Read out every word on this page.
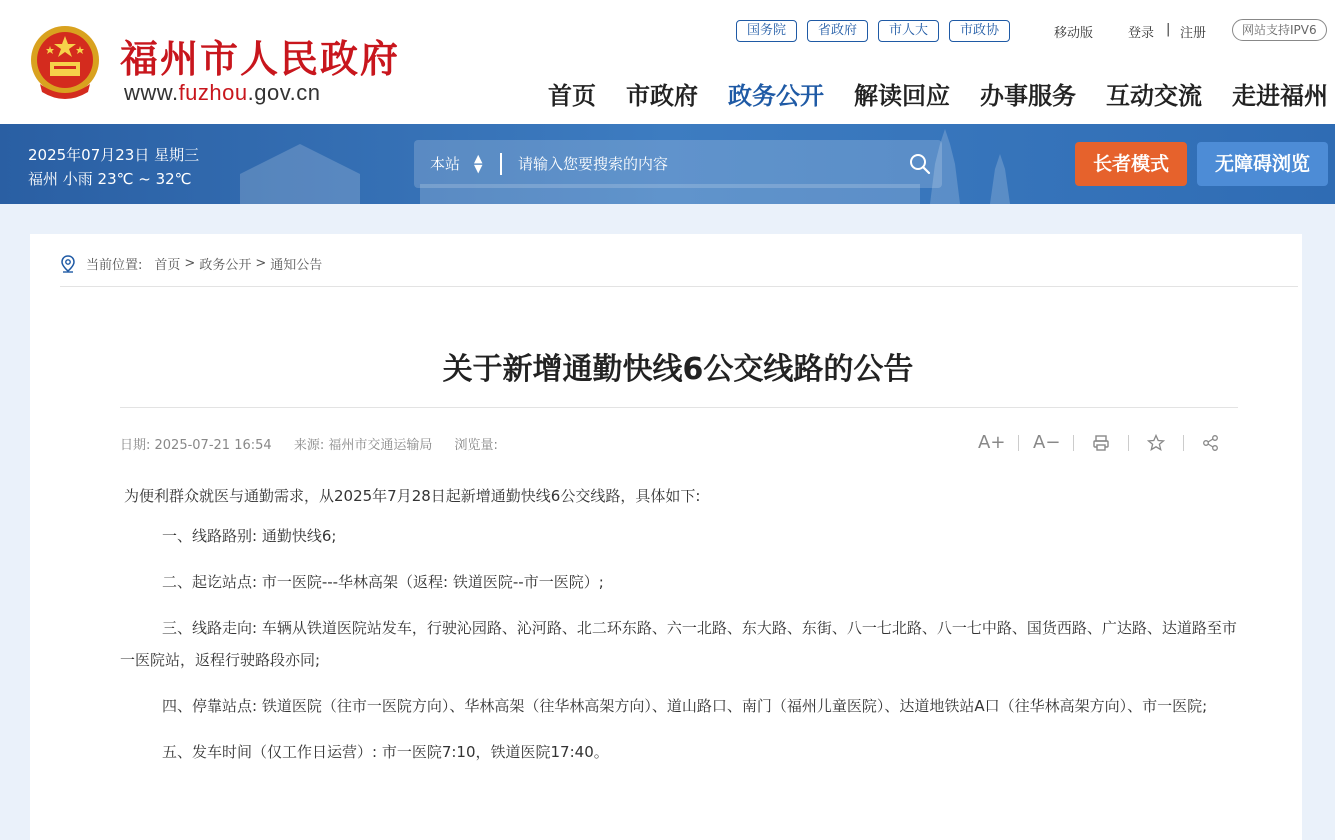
福州市人民政府
www.fuzhou.gov.cn
国务院	省政府	市人大	市政协	移动版	登录 | 注册	网站支持IPV6
首页 市政府 政务公开 解读回应 办事服务 互动交流 走进福州
2025年07月23日 星期三
福州 小雨 23℃ ~ 32℃
本站 ▲
▼ 请输入您要搜索的内容	长者模式	无障碍浏览
当前位置: 首页 > 政务公开 > 通知公告
关于新增通勤快线6公交线路的公告
日期: 2025-07-21 16:54 来源: 福州市交通运输局 浏览量:	A+ A−

为便利群众就医与通勤需求，从2025年7月28日起新增通勤快线6公交线路，具体如下:

一、线路路别: 通勤快线6;

二、起讫站点: 市一医院---华林高架（返程: 铁道医院--市一医院）;

三、线路走向: 车辆从铁道医院站发车，行驶沁园路、沁河路、北二环东路、六一北路、东大路、东街、八一七北路、八一七中路、国货西路、广达路、达道路至市一医院站，返程行驶路段亦同;

四、停靠站点: 铁道医院（往市一医院方向）、华林高架（往华林高架方向）、道山路口、南门（福州儿童医院）、达道地铁站A口（往华林高架方向）、市一医院;

五、发车时间（仅工作日运营）: 市一医院7:10，铁道医院17:40。
